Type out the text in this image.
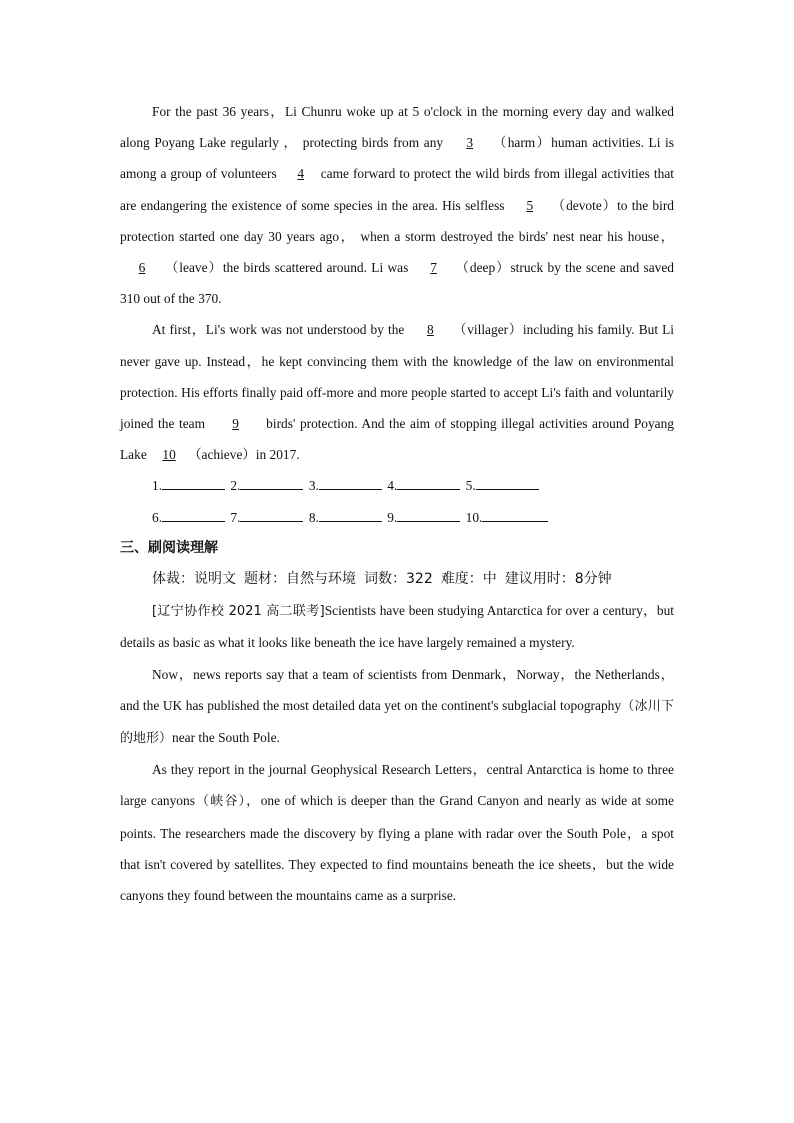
For the past 36 years，Li Chunru woke up at 5 o'clock in the morning every day and walked along Poyang Lake regularly ， protecting birds from any 3 （harm）human activities. Li is among a group of volunteers 4 came forward to protect the wild birds from illegal activities that are endangering the existence of some species in the area. His selfless 5 （devote）to the bird protection started one day 30 years ago， when a storm destroyed the birds' nest near his house， 6 （leave）the birds scattered around. Li was 7 （deep）struck by the scene and saved 310 out of the 370.

At first，Li's work was not understood by the 8 （villager）including his family. But Li never gave up. Instead，he kept convincing them with the knowledge of the law on environmental protection. His efforts finally paid off-more and more people started to accept Li's faith and voluntarily joined the team 9 birds' protection. And the aim of stopping illegal activities around Poyang Lake 10 （achieve）in 2017.

1.	2.	3.	4.	5.
6.	7.	8.	9.	10.

三、刷阅读理解

体裁：说明文 题材：自然与环境 词数：322 难度：中 建议用时：8分钟

[辽宁协作校 2021 高二联考]Scientists have been studying Antarctica for over a century，but details as basic as what it looks like beneath the ice have largely remained a mystery.

Now，news reports say that a team of scientists from Denmark，Norway，the Netherlands， and the UK has published the most detailed data yet on the continent's subglacial topography（冰川下的地形）near the South Pole.

As they report in the journal Geophysical Research Letters，central Antarctica is home to three large canyons（峡谷），one of which is deeper than the Grand Canyon and nearly as wide at some points. The researchers made the discovery by flying a plane with radar over the South Pole，a spot that isn't covered by satellites. They expected to find mountains beneath the ice sheets，but the wide canyons they found between the mountains came as a surprise.
